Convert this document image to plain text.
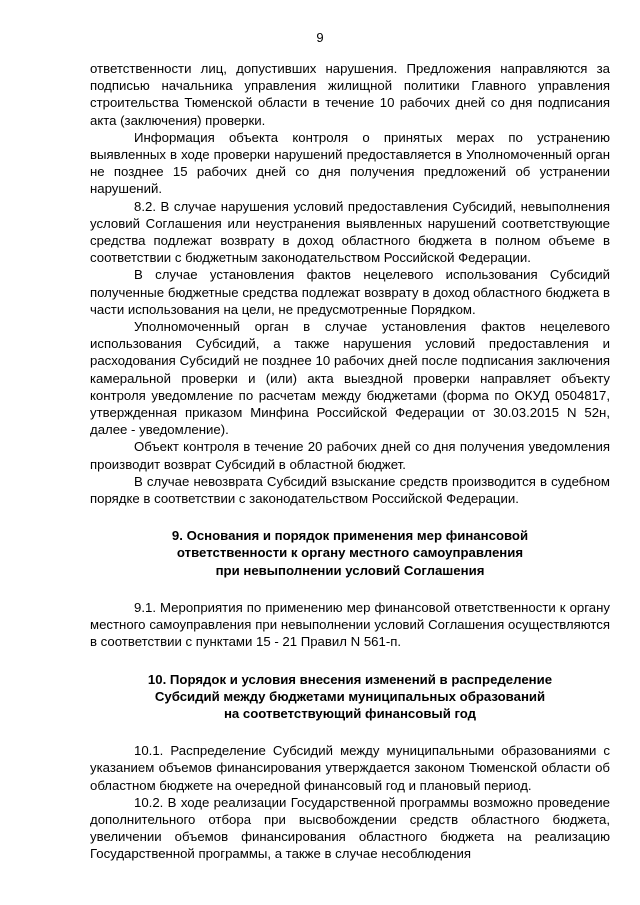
9

ответственности лиц, допустивших нарушения. Предложения направляются за подписью начальника управления жилищной политики Главного управления строительства Тюменской области в течение 10 рабочих дней со дня подписания акта (заключения) проверки.

Информация объекта контроля о принятых мерах по устранению выявленных в ходе проверки нарушений предоставляется в Уполномоченный орган не позднее 15 рабочих дней со дня получения предложений об устранении нарушений.

8.2. В случае нарушения условий предоставления Субсидий, невыполнения условий Соглашения или неустранения выявленных нарушений соответствующие средства подлежат возврату в доход областного бюджета в полном объеме в соответствии с бюджетным законодательством Российской Федерации.

В случае установления фактов нецелевого использования Субсидий полученные бюджетные средства подлежат возврату в доход областного бюджета в части использования на цели, не предусмотренные Порядком.

Уполномоченный орган в случае установления фактов нецелевого использования Субсидий, а также нарушения условий предоставления и расходования Субсидий не позднее 10 рабочих дней после подписания заключения камеральной проверки и (или) акта выездной проверки направляет объекту контроля уведомление по расчетам между бюджетами (форма по ОКУД 0504817, утвержденная приказом Минфина Российской Федерации от 30.03.2015 N 52н, далее - уведомление).

Объект контроля в течение 20 рабочих дней со дня получения уведомления производит возврат Субсидий в областной бюджет.

В случае невозврата Субсидий взыскание средств производится в судебном порядке в соответствии с законодательством Российской Федерации.

9. Основания и порядок применения мер финансовой
ответственности к органу местного самоуправления
при невыполнении условий Соглашения

9.1. Мероприятия по применению мер финансовой ответственности к органу местного самоуправления при невыполнении условий Соглашения осуществляются в соответствии с пунктами 15 - 21 Правил N 561-п.

10. Порядок и условия внесения изменений в распределение
Субсидий между бюджетами муниципальных образований
на соответствующий финансовый год

10.1. Распределение Субсидий между муниципальными образованиями с указанием объемов финансирования утверждается законом Тюменской области об областном бюджете на очередной финансовый год и плановый период.

10.2. В ходе реализации Государственной программы возможно проведение дополнительного отбора при высвобождении средств областного бюджета, увеличении объемов финансирования областного бюджета на реализацию Государственной программы, а также в случае несоблюдения
